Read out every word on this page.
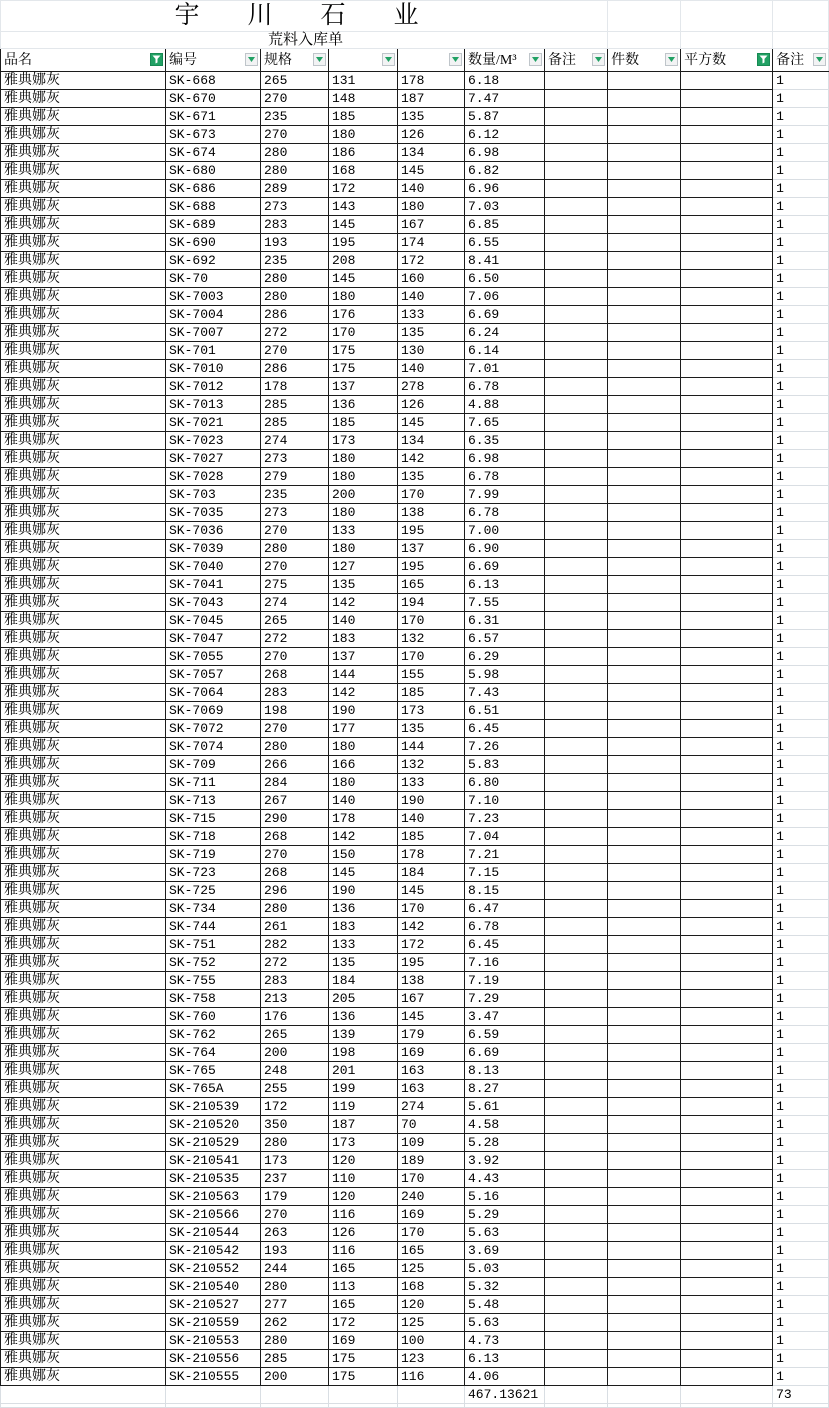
宇川石业									
荒料入库单									
品名	编号	规格			数量/M³	备注	件数	平方数	备注

雅典娜灰	SK-668	265	131	178	6.18				1
雅典娜灰	SK-670	270	148	187	7.47				1
雅典娜灰	SK-671	235	185	135	5.87				1
雅典娜灰	SK-673	270	180	126	6.12				1
雅典娜灰	SK-674	280	186	134	6.98				1
雅典娜灰	SK-680	280	168	145	6.82				1
雅典娜灰	SK-686	289	172	140	6.96				1
雅典娜灰	SK-688	273	143	180	7.03				1
雅典娜灰	SK-689	283	145	167	6.85				1
雅典娜灰	SK-690	193	195	174	6.55				1
雅典娜灰	SK-692	235	208	172	8.41				1
雅典娜灰	SK-70	280	145	160	6.50				1
雅典娜灰	SK-7003	280	180	140	7.06				1
雅典娜灰	SK-7004	286	176	133	6.69				1
雅典娜灰	SK-7007	272	170	135	6.24				1
雅典娜灰	SK-701	270	175	130	6.14				1
雅典娜灰	SK-7010	286	175	140	7.01				1
雅典娜灰	SK-7012	178	137	278	6.78				1
雅典娜灰	SK-7013	285	136	126	4.88				1
雅典娜灰	SK-7021	285	185	145	7.65				1
雅典娜灰	SK-7023	274	173	134	6.35				1
雅典娜灰	SK-7027	273	180	142	6.98				1
雅典娜灰	SK-7028	279	180	135	6.78				1
雅典娜灰	SK-703	235	200	170	7.99				1
雅典娜灰	SK-7035	273	180	138	6.78				1
雅典娜灰	SK-7036	270	133	195	7.00				1
雅典娜灰	SK-7039	280	180	137	6.90				1
雅典娜灰	SK-7040	270	127	195	6.69				1
雅典娜灰	SK-7041	275	135	165	6.13				1
雅典娜灰	SK-7043	274	142	194	7.55				1
雅典娜灰	SK-7045	265	140	170	6.31				1
雅典娜灰	SK-7047	272	183	132	6.57				1
雅典娜灰	SK-7055	270	137	170	6.29				1
雅典娜灰	SK-7057	268	144	155	5.98				1
雅典娜灰	SK-7064	283	142	185	7.43				1
雅典娜灰	SK-7069	198	190	173	6.51				1
雅典娜灰	SK-7072	270	177	135	6.45				1
雅典娜灰	SK-7074	280	180	144	7.26				1
雅典娜灰	SK-709	266	166	132	5.83				1
雅典娜灰	SK-711	284	180	133	6.80				1
雅典娜灰	SK-713	267	140	190	7.10				1
雅典娜灰	SK-715	290	178	140	7.23				1
雅典娜灰	SK-718	268	142	185	7.04				1
雅典娜灰	SK-719	270	150	178	7.21				1
雅典娜灰	SK-723	268	145	184	7.15				1
雅典娜灰	SK-725	296	190	145	8.15				1
雅典娜灰	SK-734	280	136	170	6.47				1
雅典娜灰	SK-744	261	183	142	6.78				1
雅典娜灰	SK-751	282	133	172	6.45				1
雅典娜灰	SK-752	272	135	195	7.16				1
雅典娜灰	SK-755	283	184	138	7.19				1
雅典娜灰	SK-758	213	205	167	7.29				1
雅典娜灰	SK-760	176	136	145	3.47				1
雅典娜灰	SK-762	265	139	179	6.59				1
雅典娜灰	SK-764	200	198	169	6.69				1
雅典娜灰	SK-765	248	201	163	8.13				1
雅典娜灰	SK-765A	255	199	163	8.27				1
雅典娜灰	SK-210539	172	119	274	5.61				1
雅典娜灰	SK-210520	350	187	70	4.58				1
雅典娜灰	SK-210529	280	173	109	5.28				1
雅典娜灰	SK-210541	173	120	189	3.92				1
雅典娜灰	SK-210535	237	110	170	4.43				1
雅典娜灰	SK-210563	179	120	240	5.16				1
雅典娜灰	SK-210566	270	116	169	5.29				1
雅典娜灰	SK-210544	263	126	170	5.63				1
雅典娜灰	SK-210542	193	116	165	3.69				1
雅典娜灰	SK-210552	244	165	125	5.03				1
雅典娜灰	SK-210540	280	113	168	5.32				1
雅典娜灰	SK-210527	277	165	120	5.48				1
雅典娜灰	SK-210559	262	172	125	5.63				1
雅典娜灰	SK-210553	280	169	100	4.73				1
雅典娜灰	SK-210556	285	175	123	6.13				1
雅典娜灰	SK-210555	200	175	116	4.06				1
					467.13621				73
